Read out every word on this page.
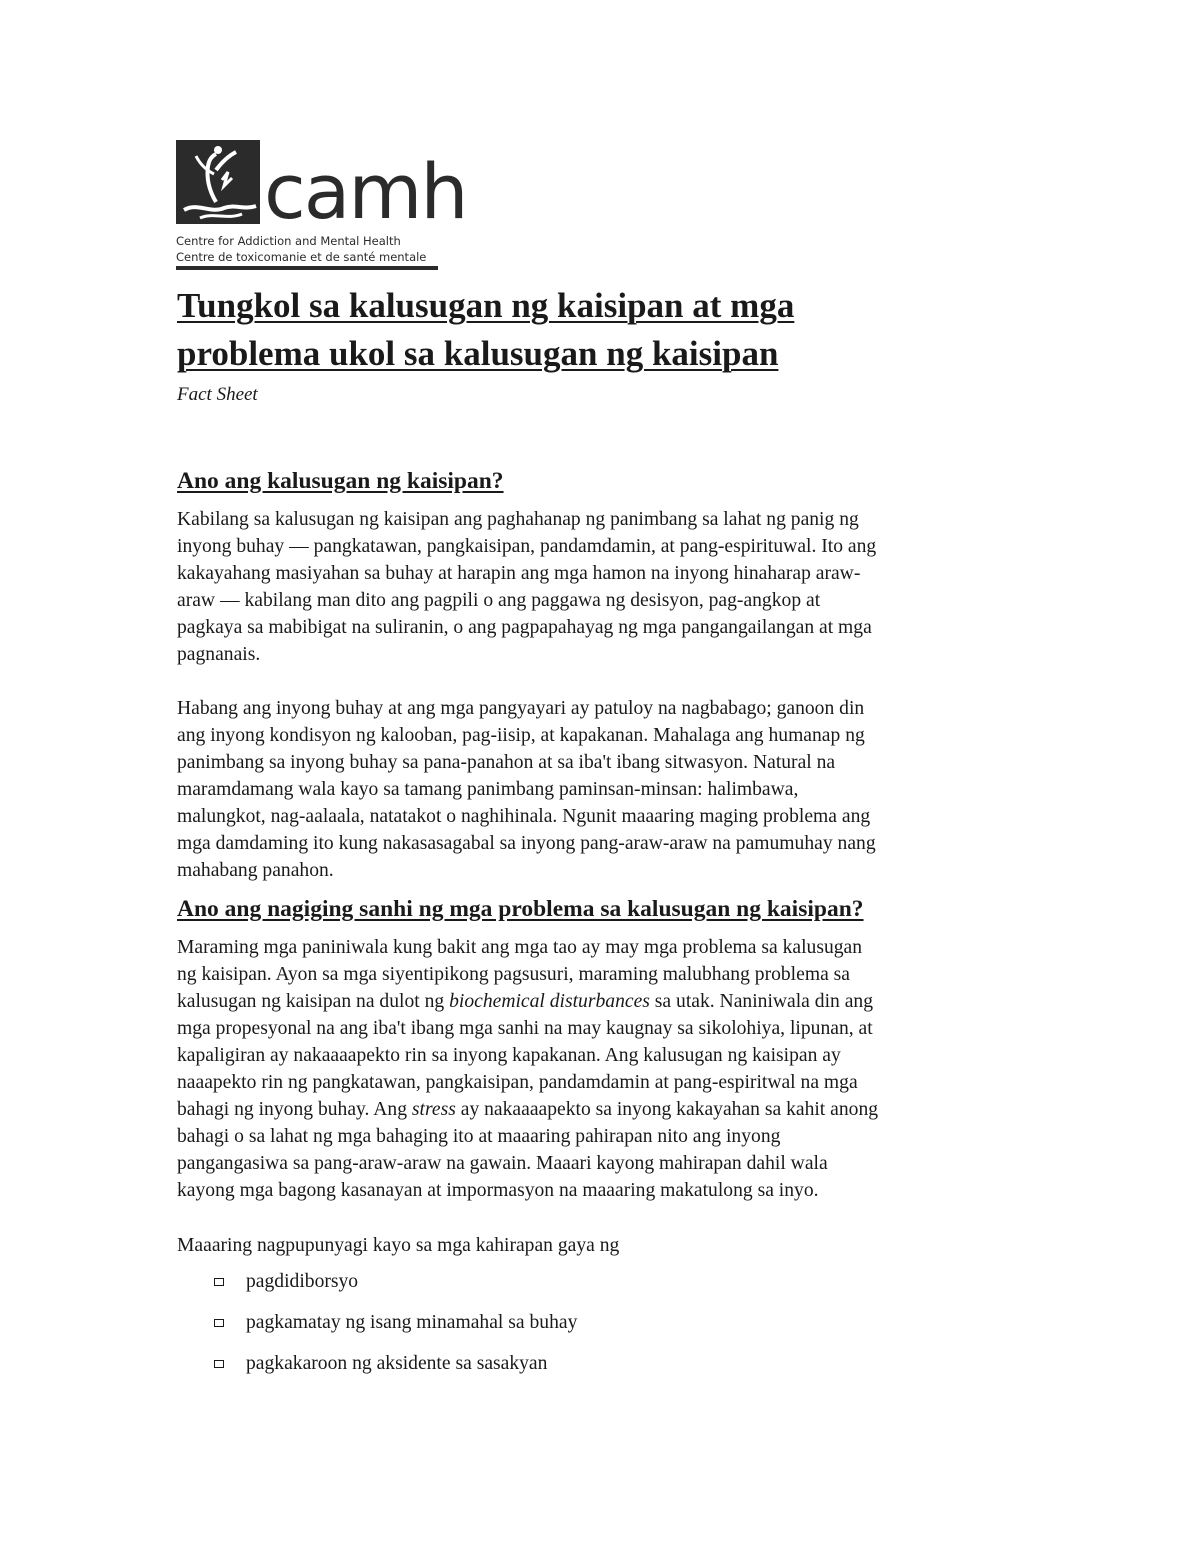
camh
Centre for Addiction and Mental Health
Centre de toxicomanie et de santé mentale
Tungkol sa kalusugan ng kaisipan at mga
problema ukol sa kalusugan ng kaisipan

Fact Sheet

Ano ang kalusugan ng kaisipan?
Kabilang sa kalusugan ng kaisipan ang paghahanap ng panimbang sa lahat ng panig ng
inyong buhay — pangkatawan, pangkaisipan, pandamdamin, at pang-espirituwal. Ito ang
kakayahang masiyahan sa buhay at harapin ang mga hamon na inyong hinaharap araw-
araw — kabilang man dito ang pagpili o ang paggawa ng desisyon, pag-angkop at
pagkaya sa mabibigat na suliranin, o ang pagpapahayag ng mga pangangailangan at mga
pagnanais.
Habang ang inyong buhay at ang mga pangyayari ay patuloy na nagbabago; ganoon din
ang inyong kondisyon ng kalooban, pag-iisip, at kapakanan. Mahalaga ang humanap ng
panimbang sa inyong buhay sa pana-panahon at sa iba't ibang sitwasyon. Natural na
maramdamang wala kayo sa tamang panimbang paminsan-minsan: halimbawa,
malungkot, nag-aalaala, natatakot o naghihinala. Ngunit maaaring maging problema ang
mga damdaming ito kung nakasasagabal sa inyong pang-araw-araw na pamumuhay nang
mahabang panahon.
Ano ang nagiging sanhi ng mga problema sa kalusugan ng kaisipan?
Maraming mga paniniwala kung bakit ang mga tao ay may mga problema sa kalusugan
ng kaisipan. Ayon sa mga siyentipikong pagsusuri, maraming malubhang problema sa
kalusugan ng kaisipan na dulot ng biochemical disturbances sa utak. Naniniwala din ang
mga propesyonal na ang iba't ibang mga sanhi na may kaugnay sa sikolohiya, lipunan, at
kapaligiran ay nakaaaapekto rin sa inyong kapakanan. Ang kalusugan ng kaisipan ay
naaapekto rin ng pangkatawan, pangkaisipan, pandamdamin at pang-espiritwal na mga
bahagi ng inyong buhay. Ang stress ay nakaaaapekto sa inyong kakayahan sa kahit anong
bahagi o sa lahat ng mga bahaging ito at maaaring pahirapan nito ang inyong
pangangasiwa sa pang-araw-araw na gawain. Maaari kayong mahirapan dahil wala
kayong mga bagong kasanayan at impormasyon na maaaring makatulong sa inyo.
Maaaring nagpupunyagi kayo sa mga kahirapan gaya ng
pagdidiborsyo
pagkamatay ng isang minamahal sa buhay
pagkakaroon ng aksidente sa sasakyan
